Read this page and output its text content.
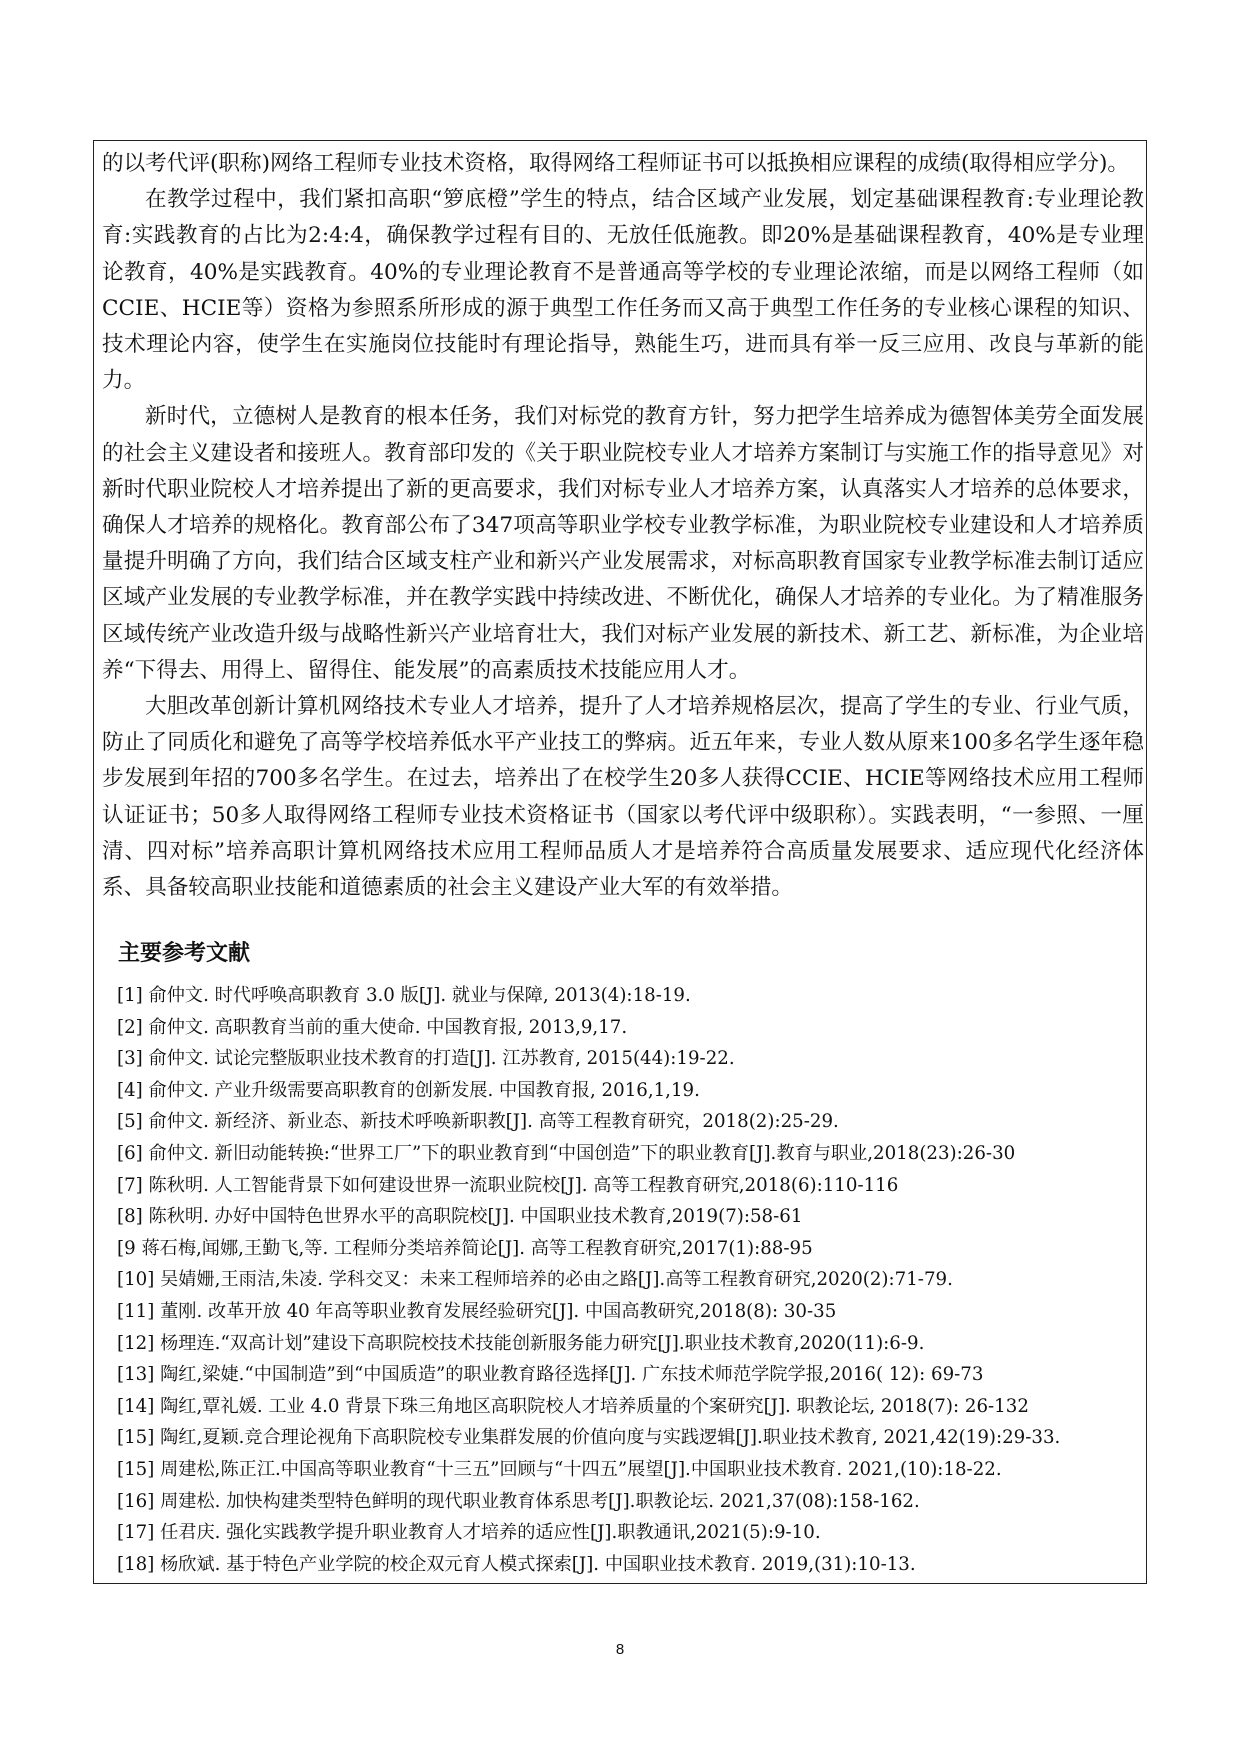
的以考代评(职称)网络工程师专业技术资格，取得网络工程师证书可以抵换相应课程的成绩(取得相应学分)。

在教学过程中，我们紧扣高职“箩底橙”学生的特点，结合区域产业发展，划定基础课程教育:专业理论教育:实践教育的占比为2:4:4，确保教学过程有目的、无放任低施教。即20%是基础课程教育，40%是专业理论教育，40%是实践教育。40%的专业理论教育不是普通高等学校的专业理论浓缩，而是以网络工程师（如CCIE、HCIE等）资格为参照系所形成的源于典型工作任务而又高于典型工作任务的专业核心课程的知识、技术理论内容，使学生在实施岗位技能时有理论指导，熟能生巧，进而具有举一反三应用、改良与革新的能力。

新时代，立德树人是教育的根本任务，我们对标党的教育方针，努力把学生培养成为德智体美劳全面发展的社会主义建设者和接班人。教育部印发的《关于职业院校专业人才培养方案制订与实施工作的指导意见》对新时代职业院校人才培养提出了新的更高要求，我们对标专业人才培养方案，认真落实人才培养的总体要求，确保人才培养的规格化。教育部公布了347项高等职业学校专业教学标准，为职业院校专业建设和人才培养质量提升明确了方向，我们结合区域支柱产业和新兴产业发展需求，对标高职教育国家专业教学标准去制订适应区域产业发展的专业教学标准，并在教学实践中持续改进、不断优化，确保人才培养的专业化。为了精准服务区域传统产业改造升级与战略性新兴产业培育壮大，我们对标产业发展的新技术、新工艺、新标准，为企业培养“下得去、用得上、留得住、能发展”的高素质技术技能应用人才。

大胆改革创新计算机网络技术专业人才培养，提升了人才培养规格层次，提高了学生的专业、行业气质，防止了同质化和避免了高等学校培养低水平产业技工的弊病。近五年来，专业人数从原来100多名学生逐年稳步发展到年招的700多名学生。在过去，培养出了在校学生20多人获得CCIE、HCIE等网络技术应用工程师认证证书；50多人取得网络工程师专业技术资格证书（国家以考代评中级职称）。实践表明，“一参照、一厘清、四对标”培养高职计算机网络技术应用工程师品质人才是培养符合高质量发展要求、适应现代化经济体系、具备较高职业技能和道德素质的社会主义建设产业大军的有效举措。

主要参考文献
[1] 俞仲文. 时代呼唤高职教育 3.0 版[J]. 就业与保障, 2013(4):18-19.
[2] 俞仲文. 高职教育当前的重大使命. 中国教育报, 2013,9,17.
[3] 俞仲文. 试论完整版职业技术教育的打造[J]. 江苏教育, 2015(44):19-22.
[4] 俞仲文. 产业升级需要高职教育的创新发展. 中国教育报, 2016,1,19.
[5] 俞仲文. 新经济、新业态、新技术呼唤新职教[J]. 高等工程教育研究，2018(2):25-29.
[6] 俞仲文. 新旧动能转换:“世界工厂”下的职业教育到“中国创造”下的职业教育[J].教育与职业,2018(23):26-30
[7] 陈秋明. 人工智能背景下如何建设世界一流职业院校[J]. 高等工程教育研究,2018(6):110-116
[8] 陈秋明. 办好中国特色世界水平的高职院校[J]. 中国职业技术教育,2019(7):58-61
[9 蒋石梅,闻娜,王勤飞,等. 工程师分类培养简论[J]. 高等工程教育研究,2017(1):88-95
[10] 吴婧姗,王雨洁,朱凌. 学科交叉：未来工程师培养的必由之路[J].高等工程教育研究,2020(2):71-79.
[11] 董刚. 改革开放 40 年高等职业教育发展经验研究[J]. 中国高教研究,2018(8): 30-35
[12] 杨理连.“双高计划”建设下高职院校技术技能创新服务能力研究[J].职业技术教育,2020(11):6-9.
[13] 陶红,梁婕.“中国制造”到“中国质造”的职业教育路径选择[J]. 广东技术师范学院学报,2016( 12): 69-73
[14] 陶红,覃礼媛. 工业 4.0 背景下珠三角地区高职院校人才培养质量的个案研究[J]. 职教论坛, 2018(7): 26-132
[15] 陶红,夏颖.竞合理论视角下高职院校专业集群发展的价值向度与实践逻辑[J].职业技术教育, 2021,42(19):29-33.
[15] 周建松,陈正江.中国高等职业教育“十三五”回顾与“十四五”展望[J].中国职业技术教育. 2021,(10):18-22.
[16] 周建松. 加快构建类型特色鲜明的现代职业教育体系思考[J].职教论坛. 2021,37(08):158-162.
[17] 任君庆. 强化实践教学提升职业教育人才培养的适应性[J].职教通讯,2021(5):9-10.
[18] 杨欣斌. 基于特色产业学院的校企双元育人模式探索[J]. 中国职业技术教育. 2019,(31):10-13.
8
